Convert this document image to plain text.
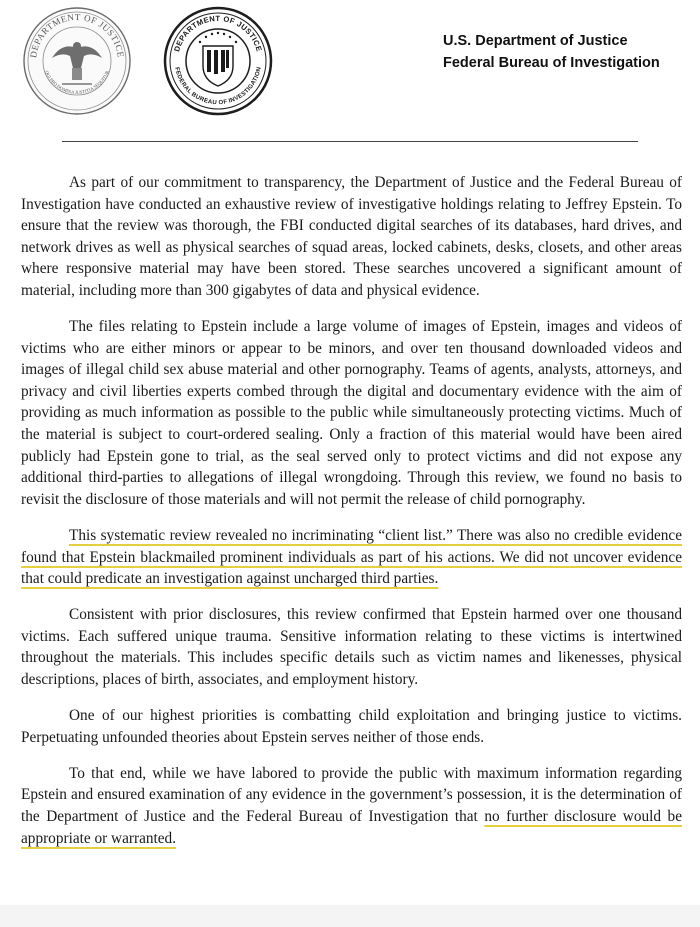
DEPARTMENT OF JUSTICE
QUI PRO DOMINA JUSTITIA SEQUITUR
DEPARTMENT OF JUSTICE
FEDERAL BUREAU OF INVESTIGATION
U.S. Department of Justice
Federal Bureau of Investigation

As part of our commitment to transparency, the Department of Justice and the Federal Bureau of Investigation have conducted an exhaustive review of investigative holdings relating to Jeffrey Epstein. To ensure that the review was thorough, the FBI conducted digital searches of its databases, hard drives, and network drives as well as physical searches of squad areas, locked cabinets, desks, closets, and other areas where responsive material may have been stored. These searches uncovered a significant amount of material, including more than 300 gigabytes of data and physical evidence.

The files relating to Epstein include a large volume of images of Epstein, images and videos of victims who are either minors or appear to be minors, and over ten thousand downloaded videos and images of illegal child sex abuse material and other pornography. Teams of agents, analysts, attorneys, and privacy and civil liberties experts combed through the digital and documentary evidence with the aim of providing as much information as possible to the public while simultaneously protecting victims. Much of the material is subject to court-ordered sealing. Only a fraction of this material would have been aired publicly had Epstein gone to trial, as the seal served only to protect victims and did not expose any additional third-parties to allegations of illegal wrongdoing. Through this review, we found no basis to revisit the disclosure of those materials and will not permit the release of child pornography.

This systematic review revealed no incriminating “client list.” There was also no credible evidence found that Epstein blackmailed prominent individuals as part of his actions. We did not uncover evidence that could predicate an investigation against uncharged third parties.

Consistent with prior disclosures, this review confirmed that Epstein harmed over one thousand victims. Each suffered unique trauma. Sensitive information relating to these victims is intertwined throughout the materials. This includes specific details such as victim names and likenesses, physical descriptions, places of birth, associates, and employment history.

One of our highest priorities is combatting child exploitation and bringing justice to victims. Perpetuating unfounded theories about Epstein serves neither of those ends.

To that end, while we have labored to provide the public with maximum information regarding Epstein and ensured examination of any evidence in the government’s possession, it is the determination of the Department of Justice and the Federal Bureau of Investigation that no further disclosure would be appropriate or warranted.
